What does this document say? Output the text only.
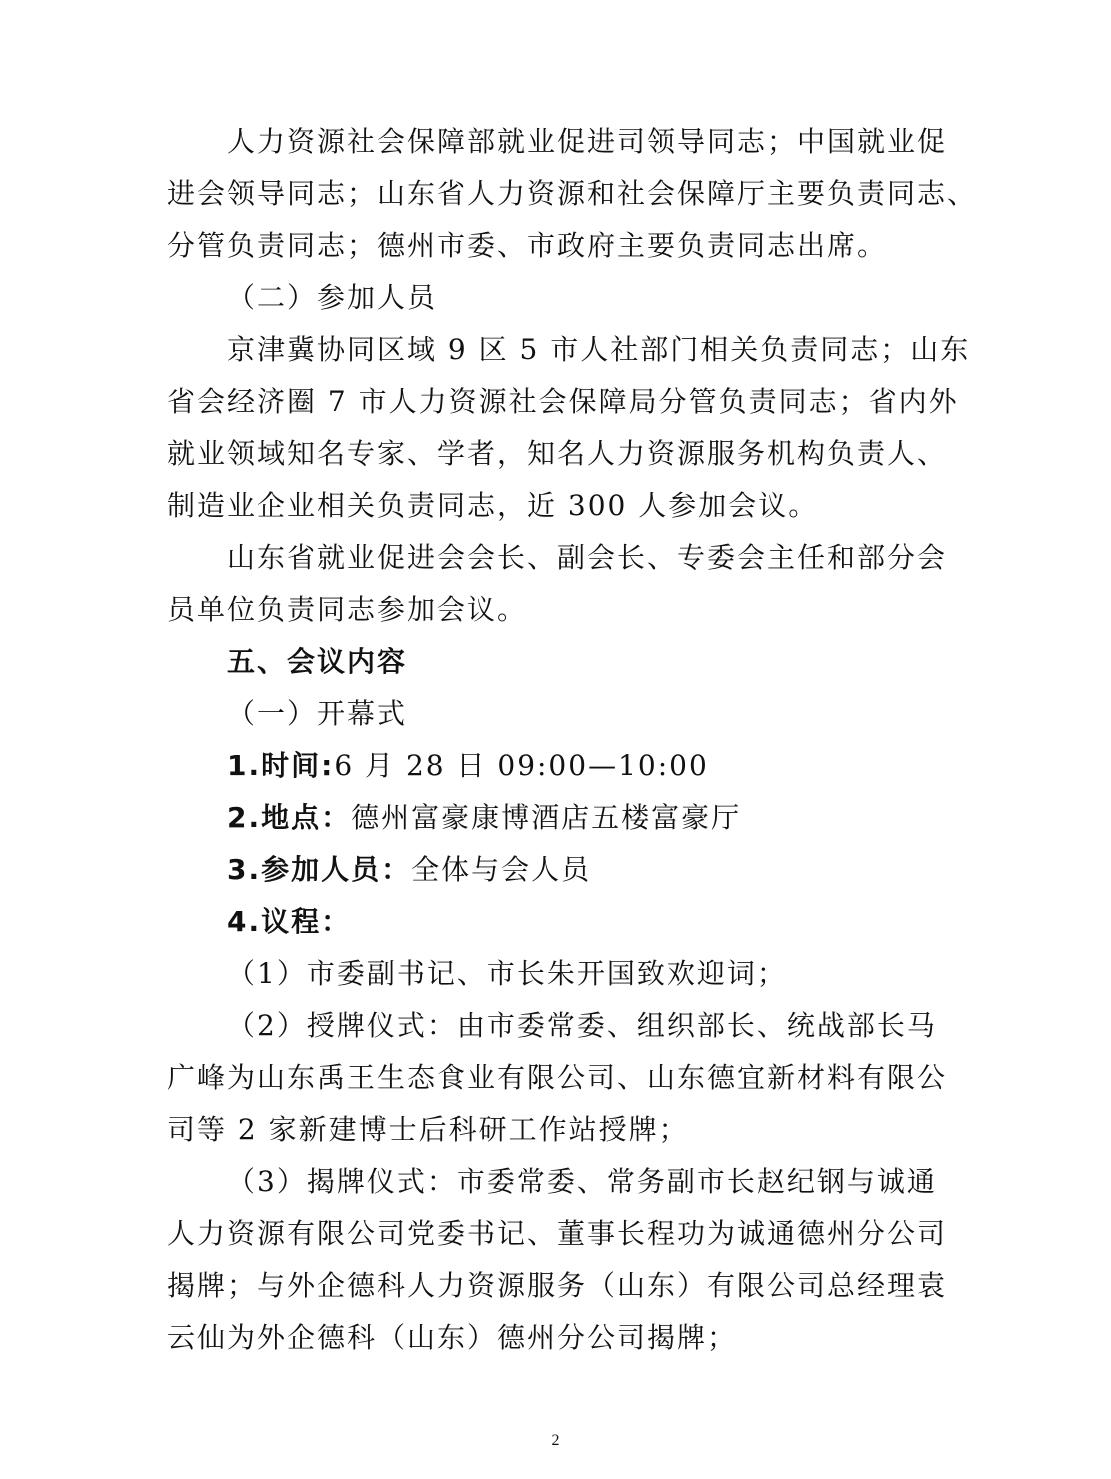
人力资源社会保障部就业促进司领导同志；中国就业促
进会领导同志；山东省人力资源和社会保障厅主要负责同志、
分管负责同志；德州市委、市政府主要负责同志出席。
（二）参加人员
京津冀协同区域 9 区 5 市人社部门相关负责同志；山东
省会经济圈 7 市人力资源社会保障局分管负责同志；省内外
就业领域知名专家、学者，知名人力资源服务机构负责人、
制造业企业相关负责同志，近 300 人参加会议。
山东省就业促进会会长、副会长、专委会主任和部分会
员单位负责同志参加会议。
五、会议内容
（一）开幕式
1.时间:6 月 28 日 09:00—10:00
2.地点：德州富豪康博酒店五楼富豪厅
3.参加人员：全体与会人员
4.议程：
（1）市委副书记、市长朱开国致欢迎词；
（2）授牌仪式：由市委常委、组织部长、统战部长马
广峰为山东禹王生态食业有限公司、山东德宜新材料有限公
司等 2 家新建博士后科研工作站授牌；
（3）揭牌仪式：市委常委、常务副市长赵纪钢与诚通
人力资源有限公司党委书记、董事长程功为诚通德州分公司
揭牌；与外企德科人力资源服务（山东）有限公司总经理袁
云仙为外企德科（山东）德州分公司揭牌；
2
